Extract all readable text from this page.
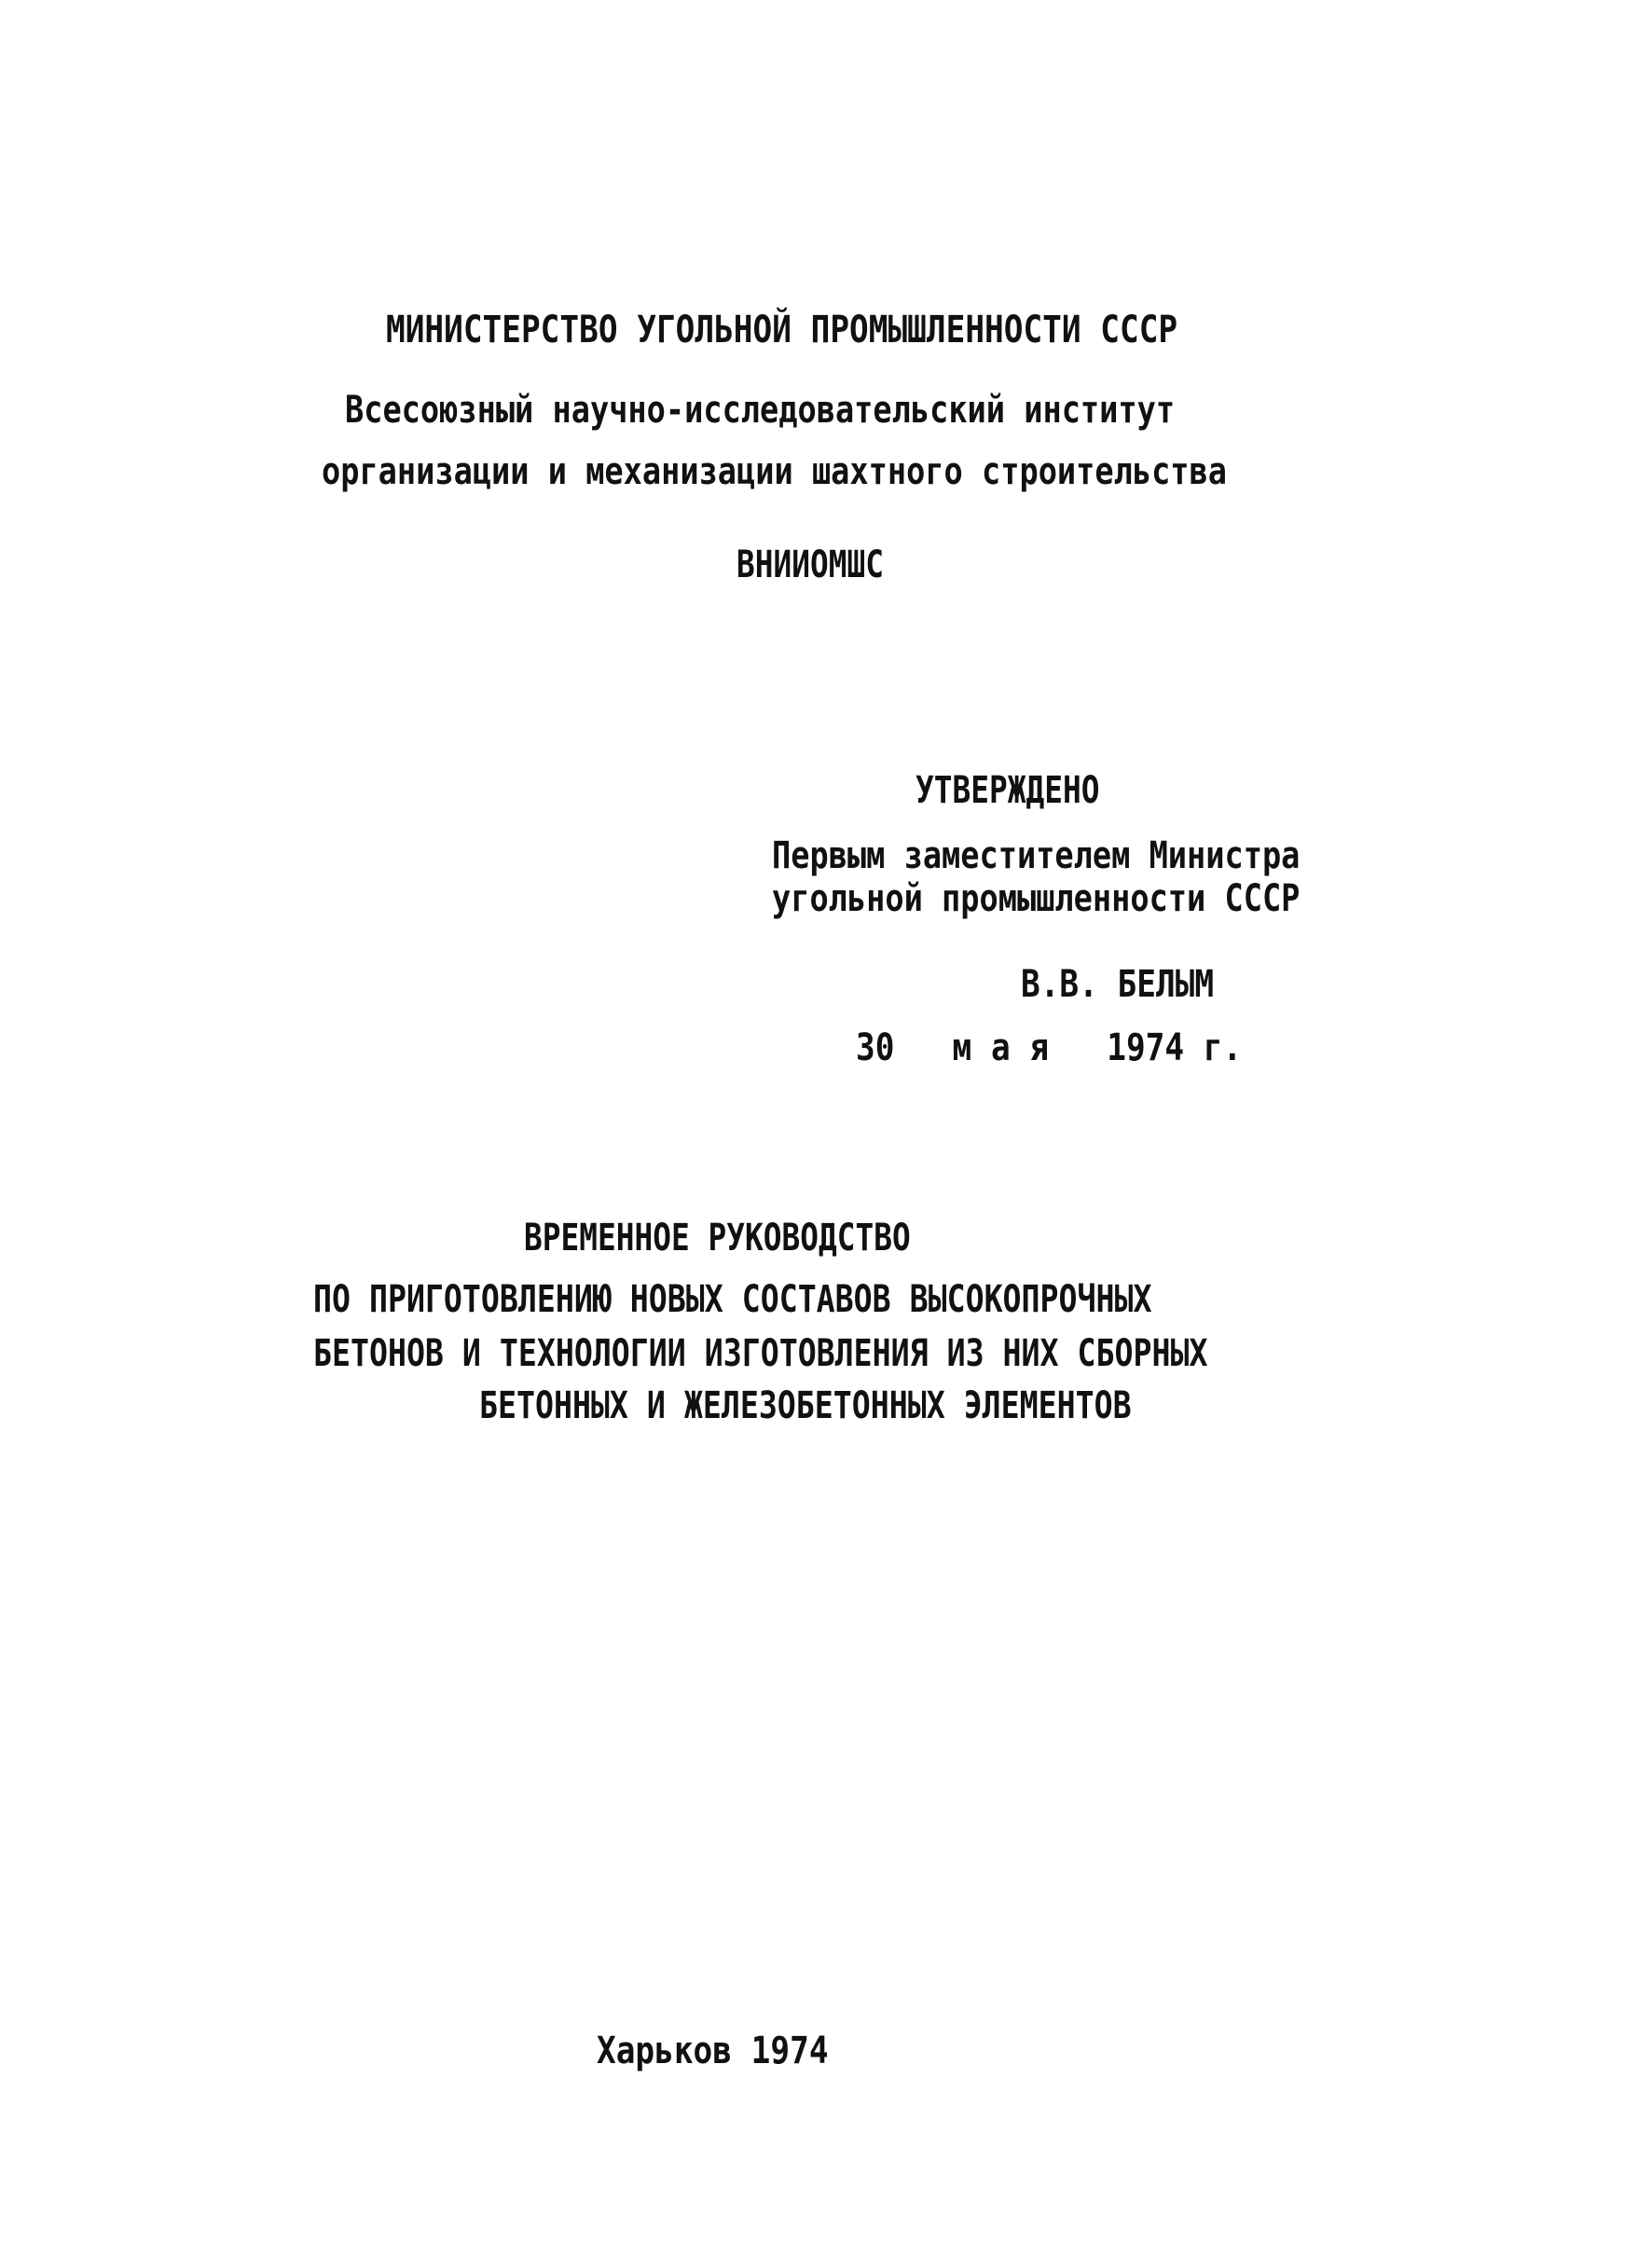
МИНИСТЕРСТВО УГОЛЬНОЙ ПРОМЫШЛЕННОСТИ СССР
Всесоюзный научно-исследовательский институт
организации и механизации шахтного строительства
ВНИИОМШС
УТВЕРЖДЕНО
Первым заместителем Министра
угольной промышленности СССР
В.В. БЕЛЫМ
30   м а я   1974 г.
ВРЕМЕННОЕ РУКОВОДСТВО
ПО ПРИГОТОВЛЕНИЮ НОВЫХ СОСТАВОВ ВЫСОКОПРОЧНЫХ
БЕТОНОВ И ТЕХНОЛОГИИ ИЗГОТОВЛЕНИЯ ИЗ НИХ СБОРНЫХ
БЕТОННЫХ И ЖЕЛЕЗОБЕТОННЫХ ЭЛЕМЕНТОВ
Харьков 1974
